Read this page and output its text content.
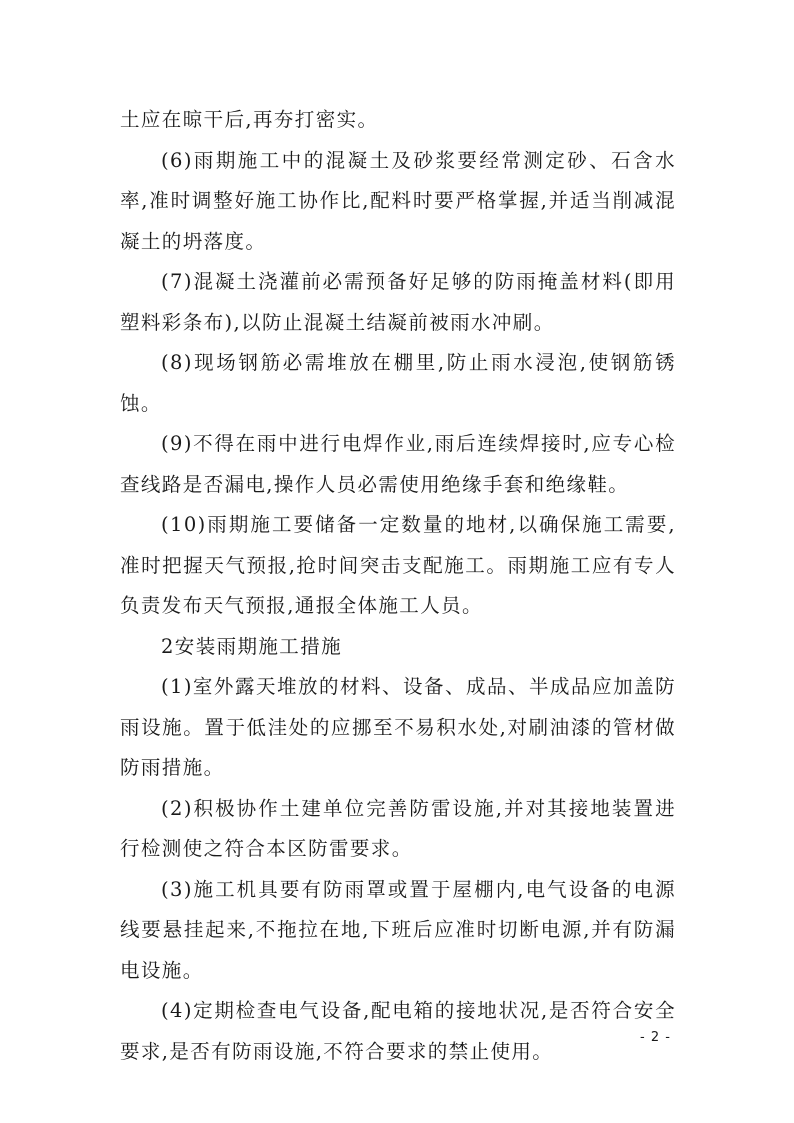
土应在晾干后,再夯打密实。

(6)雨期施工中的混凝土及砂浆要经常测定砂、石含水率,准时调整好施工协作比,配料时要严格掌握,并适当削减混凝土的坍落度。

(7)混凝土浇灌前必需预备好足够的防雨掩盖材料(即用塑料彩条布),以防止混凝土结凝前被雨水冲刷。

(8)现场钢筋必需堆放在棚里,防止雨水浸泡,使钢筋锈蚀。

(9)不得在雨中进行电焊作业,雨后连续焊接时,应专心检查线路是否漏电,操作人员必需使用绝缘手套和绝缘鞋。

(10)雨期施工要储备一定数量的地材,以确保施工需要,准时把握天气预报,抢时间突击支配施工。雨期施工应有专人负责发布天气预报,通报全体施工人员。

2安装雨期施工措施

(1)室外露天堆放的材料、设备、成品、半成品应加盖防雨设施。置于低洼处的应挪至不易积水处,对刷油漆的管材做防雨措施。

(2)积极协作土建单位完善防雷设施,并对其接地装置进行检测使之符合本区防雷要求。

(3)施工机具要有防雨罩或置于屋棚内,电气设备的电源线要悬挂起来,不拖拉在地,下班后应准时切断电源,并有防漏电设施。

(4)定期检查电气设备,配电箱的接地状况,是否符合安全要求,是否有防雨设施,不符合要求的禁止使用。

- 2 -
